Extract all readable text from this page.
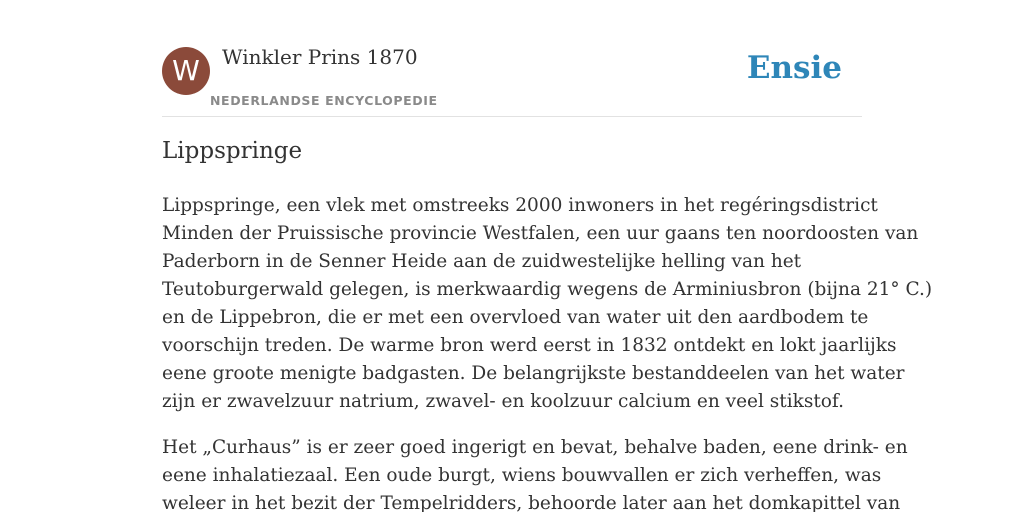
W	Winkler Prins 1870
NEDERLANDSE ENCYCLOPEDIE
Ensie
Lippspringe

Lippspringe, een vlek met omstreeks 2000 inwoners in het regéringsdistrict
Minden der Pruissische provincie Westfalen, een uur gaans ten noordoosten van
Paderborn in de Senner Heide aan de zuidwestelijke helling van het
Teutoburgerwald gelegen, is merkwaardig wegens de Arminiusbron (bijna 21° C.)
en de Lippebron, die er met een overvloed van water uit den aardbodem te
voorschijn treden. De warme bron werd eerst in 1832 ontdekt en lokt jaarlijks
eene groote menigte badgasten. De belangrijkste bestanddeelen van het water
zijn er zwavelzuur natrium, zwavel- en koolzuur calcium en veel stikstof.

Het „Curhaus” is er zeer goed ingerigt en bevat, behalve baden, eene drink- en
eene inhalatiezaal. Een oude burgt, wiens bouwvallen er zich verheffen, was
weleer in het bezit der Tempelridders, behoorde later aan het domkapittel van
